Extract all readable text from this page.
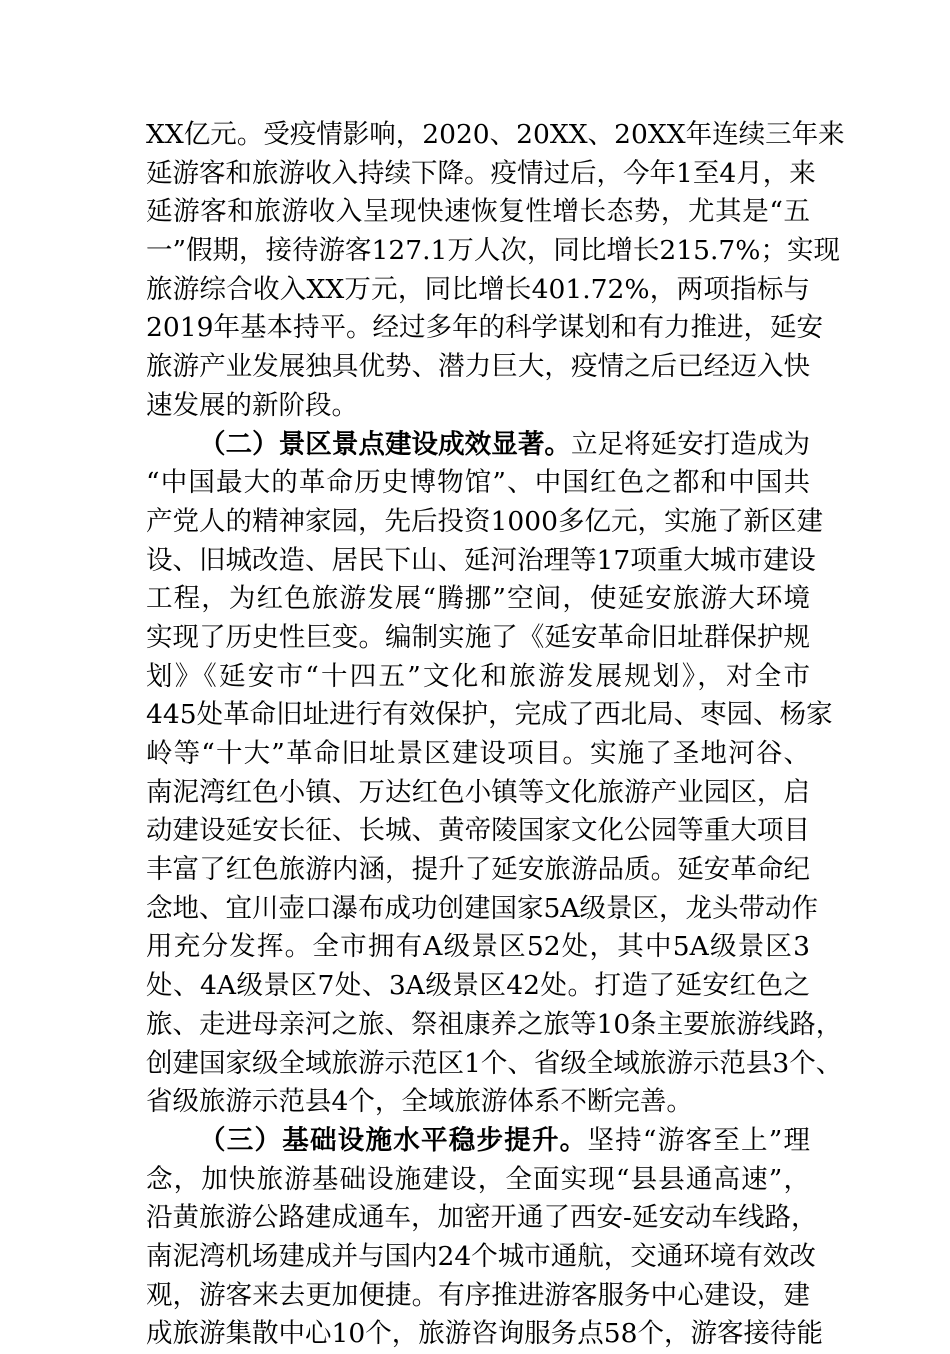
XX亿元。受疫情影响，2020、20XX、20XX年连续三年来
延游客和旅游收入持续下降。疫情过后，今年1至4月，来
延游客和旅游收入呈现快速恢复性增长态势，尤其是“五
一”假期，接待游客127.1万人次，同比增长215.7%；实现
旅游综合收入XX万元，同比增长401.72%，两项指标与
2019年基本持平。经过多年的科学谋划和有力推进，延安
旅游产业发展独具优势、潜力巨大，疫情之后已经迈入快
速发展的新阶段。
（二）景区景点建设成效显著。立足将延安打造成为
“中国最大的革命历史博物馆”、中国红色之都和中国共
产党人的精神家园，先后投资1000多亿元，实施了新区建
设、旧城改造、居民下山、延河治理等17项重大城市建设
工程，为红色旅游发展“腾挪”空间，使延安旅游大环境
实现了历史性巨变。编制实施了《延安革命旧址群保护规
划》《延安市“十四五”文化和旅游发展规划》，对全市
445处革命旧址进行有效保护，完成了西北局、枣园、杨家
岭等“十大”革命旧址景区建设项目。实施了圣地河谷、
南泥湾红色小镇、万达红色小镇等文化旅游产业园区，启
动建设延安长征、长城、黄帝陵国家文化公园等重大项目
丰富了红色旅游内涵，提升了延安旅游品质。延安革命纪
念地、宜川壶口瀑布成功创建国家5A级景区，龙头带动作
用充分发挥。全市拥有A级景区52处，其中5A级景区3
处、4A级景区7处、3A级景区42处。打造了延安红色之
旅、走进母亲河之旅、祭祖康养之旅等10条主要旅游线路，
创建国家级全域旅游示范区1个、省级全域旅游示范县3个、
省级旅游示范县4个，全域旅游体系不断完善。
（三）基础设施水平稳步提升。坚持“游客至上”理
念，加快旅游基础设施建设，全面实现“县县通高速”，
沿黄旅游公路建成通车，加密开通了西安-延安动车线路，
南泥湾机场建成并与国内24个城市通航，交通环境有效改
观，游客来去更加便捷。有序推进游客服务中心建设，建
成旅游集散中心10个，旅游咨询服务点58个，游客接待能
